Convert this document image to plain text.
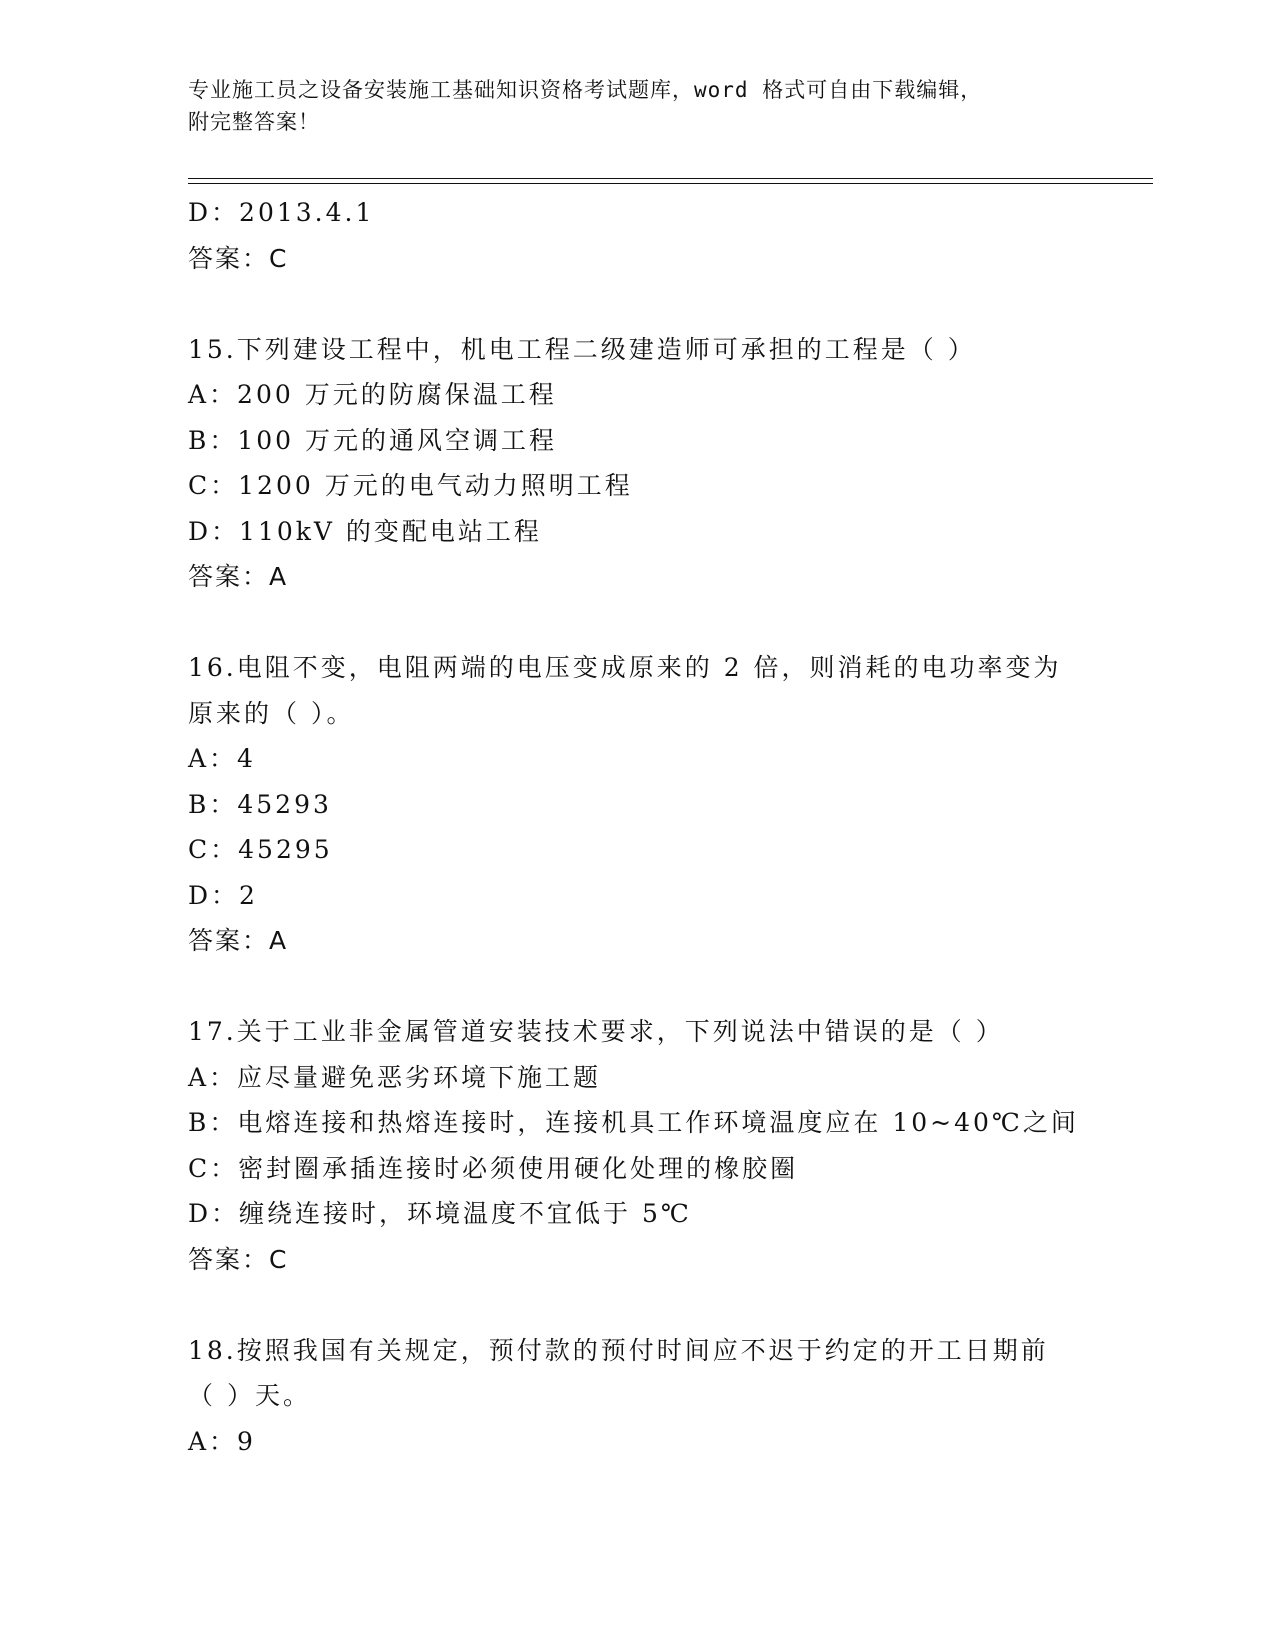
专业施工员之设备安装施工基础知识资格考试题库，word 格式可自由下载编辑，
附完整答案！
D：2013.4.1
答案：C
15.下列建设工程中，机电工程二级建造师可承担的工程是（ ）
A：200 万元的防腐保温工程
B：100 万元的通风空调工程
C：1200 万元的电气动力照明工程
D：110kV 的变配电站工程
答案：A
16.电阻不变，电阻两端的电压变成原来的 2 倍，则消耗的电功率变为
原来的（ ）。
A：4
B：45293
C：45295
D：2
答案：A
17.关于工业非金属管道安装技术要求，下列说法中错误的是（ ）
A：应尽量避免恶劣环境下施工题
B：电熔连接和热熔连接时，连接机具工作环境温度应在 10~40℃之间
C：密封圈承插连接时必须使用硬化处理的橡胶圈
D：缠绕连接时，环境温度不宜低于 5℃
答案：C
18.按照我国有关规定，预付款的预付时间应不迟于约定的开工日期前
（ ）天。
A：9
